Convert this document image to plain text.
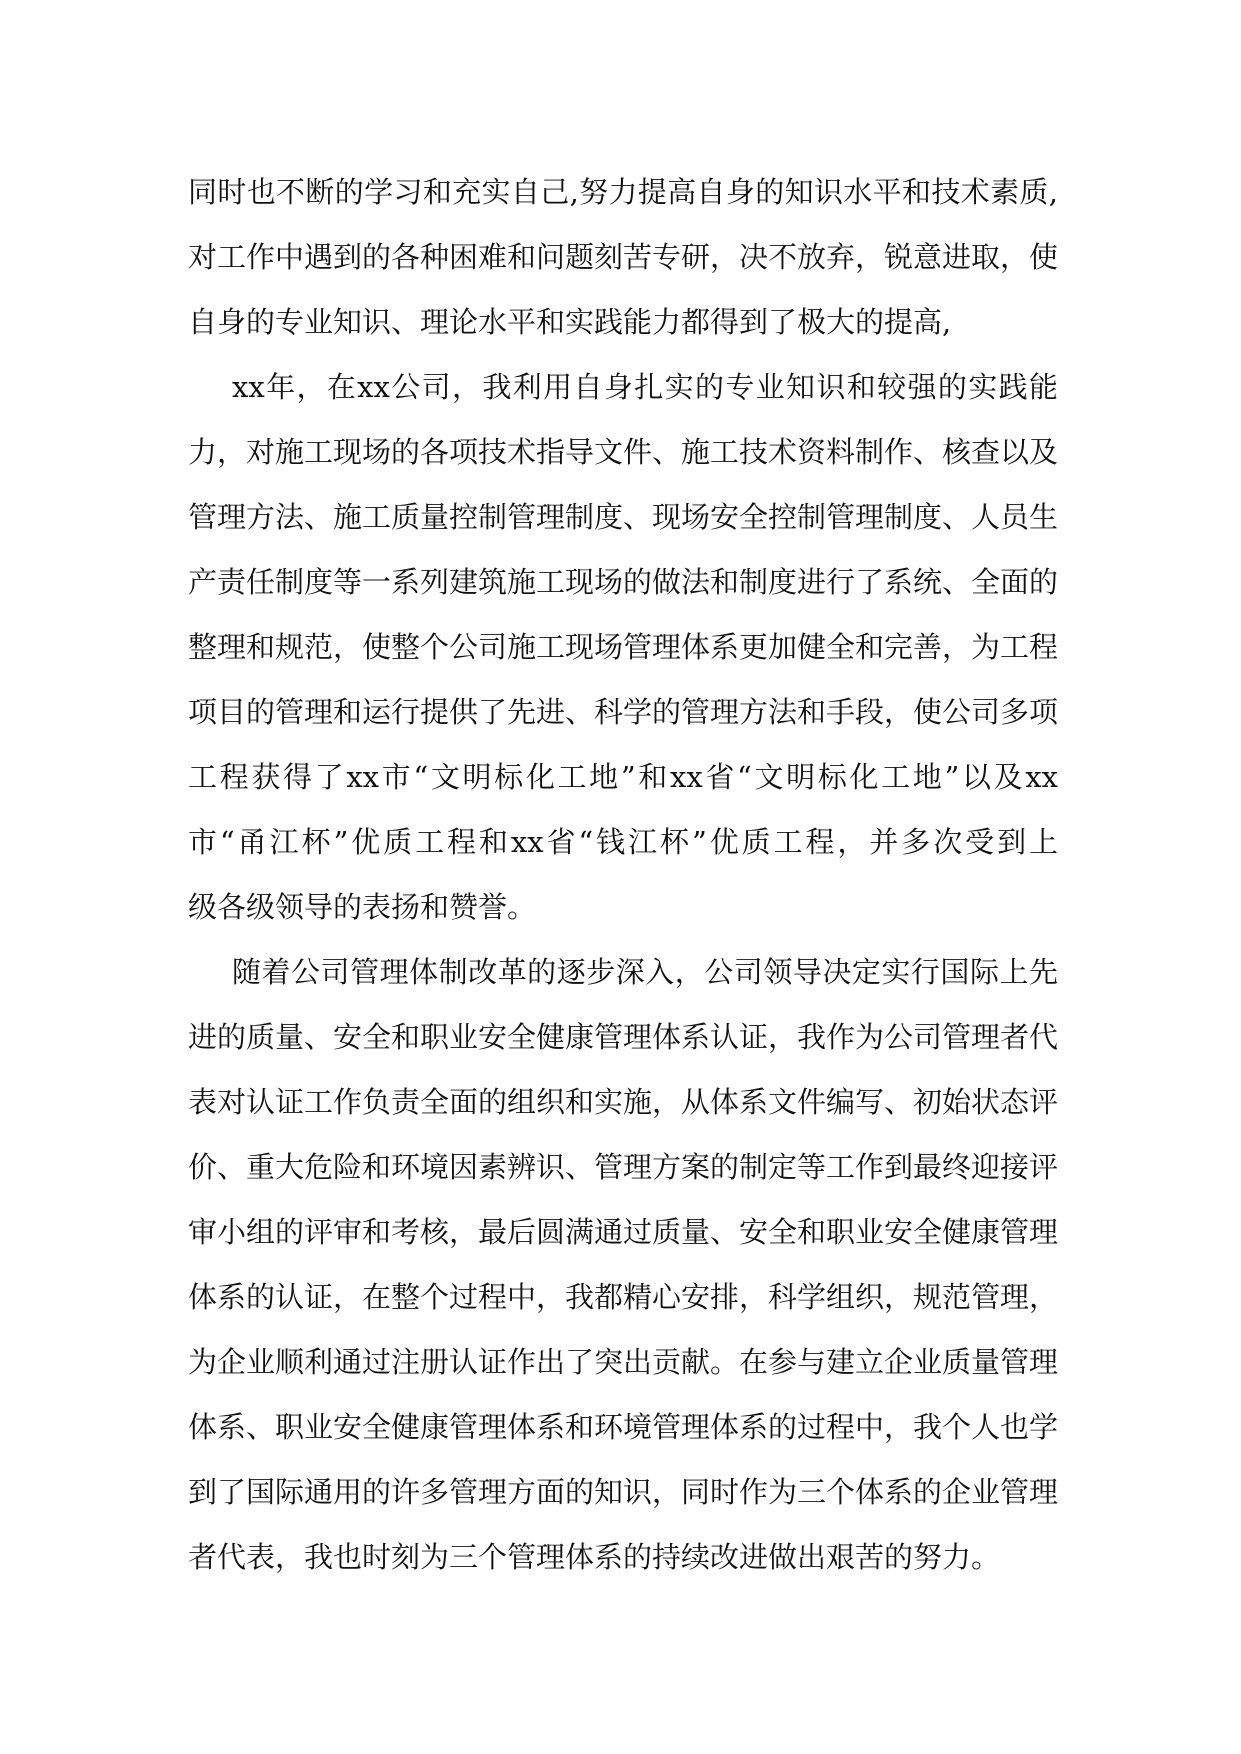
同时也不断的学习和充实自己,努力提高自身的知识水平和技术素质,
对工作中遇到的各种困难和问题刻苦专研，决不放弃，锐意进取，使
自身的专业知识、理论水平和实践能力都得到了极大的提高,
xx年，在xx公司，我利用自身扎实的专业知识和较强的实践能
力，对施工现场的各项技术指导文件、施工技术资料制作、核查以及
管理方法、施工质量控制管理制度、现场安全控制管理制度、人员生
产责任制度等一系列建筑施工现场的做法和制度进行了系统、全面的
整理和规范，使整个公司施工现场管理体系更加健全和完善，为工程
项目的管理和运行提供了先进、科学的管理方法和手段，使公司多项
工程获得了xx市“文明标化工地”和xx省“文明标化工地”以及xx
市“甬江杯”优质工程和xx省“钱江杯”优质工程，并多次受到上
级各级领导的表扬和赞誉。
随着公司管理体制改革的逐步深入，公司领导决定实行国际上先
进的质量、安全和职业安全健康管理体系认证，我作为公司管理者代
表对认证工作负责全面的组织和实施，从体系文件编写、初始状态评
价、重大危险和环境因素辨识、管理方案的制定等工作到最终迎接评
审小组的评审和考核，最后圆满通过质量、安全和职业安全健康管理
体系的认证，在整个过程中，我都精心安排，科学组织，规范管理，
为企业顺利通过注册认证作出了突出贡献。在参与建立企业质量管理
体系、职业安全健康管理体系和环境管理体系的过程中，我个人也学
到了国际通用的许多管理方面的知识，同时作为三个体系的企业管理
者代表，我也时刻为三个管理体系的持续改进做出艰苦的努力。
